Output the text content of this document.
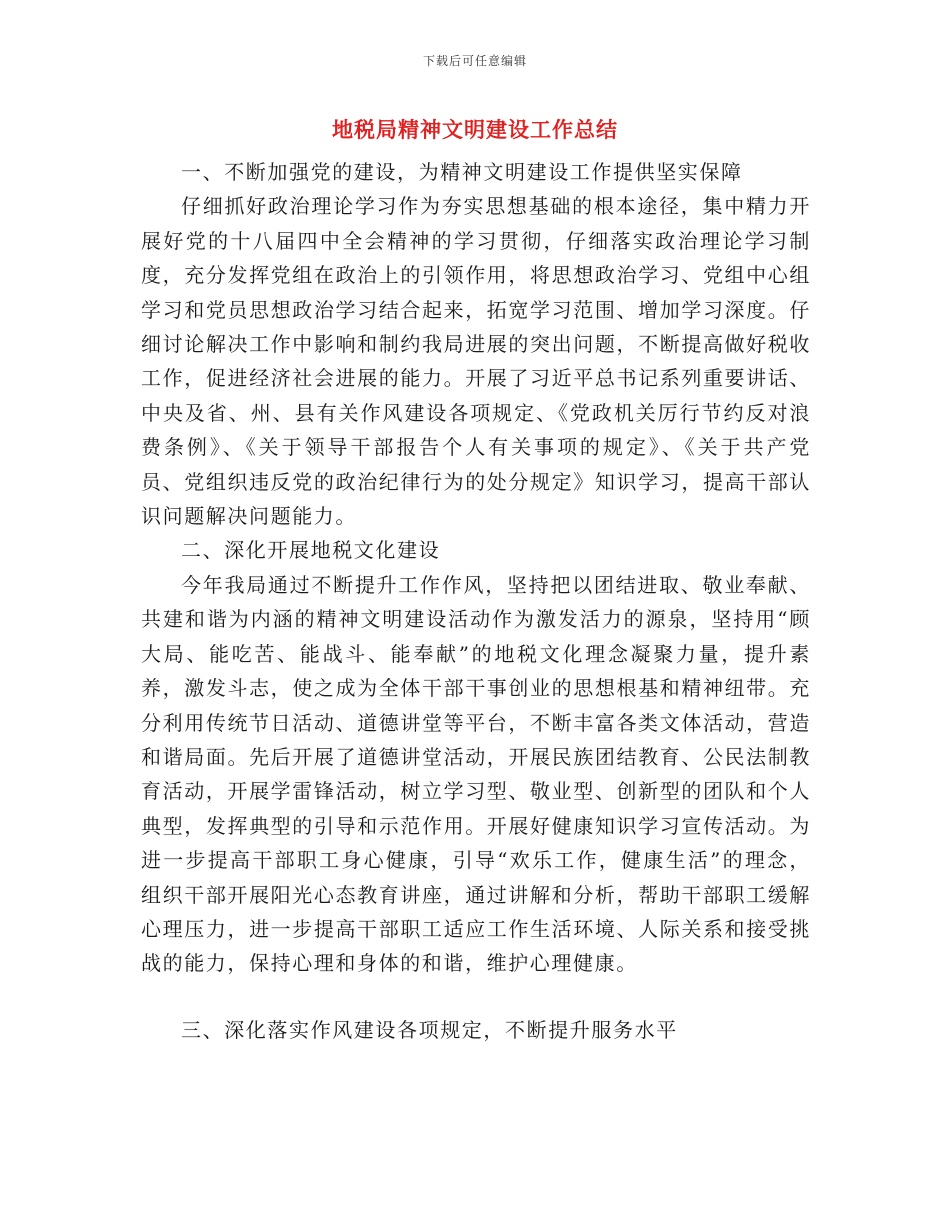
下载后可任意编辑
地税局精神文明建设工作总结

一、不断加强党的建设，为精神文明建设工作提供坚实保障

仔细抓好政治理论学习作为夯实思想基础的根本途径，集中精力开展好党的十八届四中全会精神的学习贯彻，仔细落实政治理论学习制度，充分发挥党组在政治上的引领作用，将思想政治学习、党组中心组学习和党员思想政治学习结合起来，拓宽学习范围、增加学习深度。仔细讨论解决工作中影响和制约我局进展的突出问题，不断提高做好税收工作，促进经济社会进展的能力。开展了习近平总书记系列重要讲话、中央及省、州、县有关作风建设各项规定、《党政机关厉行节约反对浪费条例》、《关于领导干部报告个人有关事项的规定》、《关于共产党员、党组织违反党的政治纪律行为的处分规定》知识学习，提高干部认识问题解决问题能力。

二、深化开展地税文化建设

今年我局通过不断提升工作作风，坚持把以团结进取、敬业奉献、共建和谐为内涵的精神文明建设活动作为激发活力的源泉，坚持用“顾大局、能吃苦、能战斗、能奉献”的地税文化理念凝聚力量，提升素养，激发斗志，使之成为全体干部干事创业的思想根基和精神纽带。充分利用传统节日活动、道德讲堂等平台，不断丰富各类文体活动，营造和谐局面。先后开展了道德讲堂活动，开展民族团结教育、公民法制教育活动，开展学雷锋活动，树立学习型、敬业型、创新型的团队和个人典型，发挥典型的引导和示范作用。开展好健康知识学习宣传活动。为进一步提高干部职工身心健康，引导“欢乐工作，健康生活”的理念，组织干部开展阳光心态教育讲座，通过讲解和分析，帮助干部职工缓解心理压力，进一步提高干部职工适应工作生活环境、人际关系和接受挑战的能力，保持心理和身体的和谐，维护心理健康。

三、深化落实作风建设各项规定，不断提升服务水平
